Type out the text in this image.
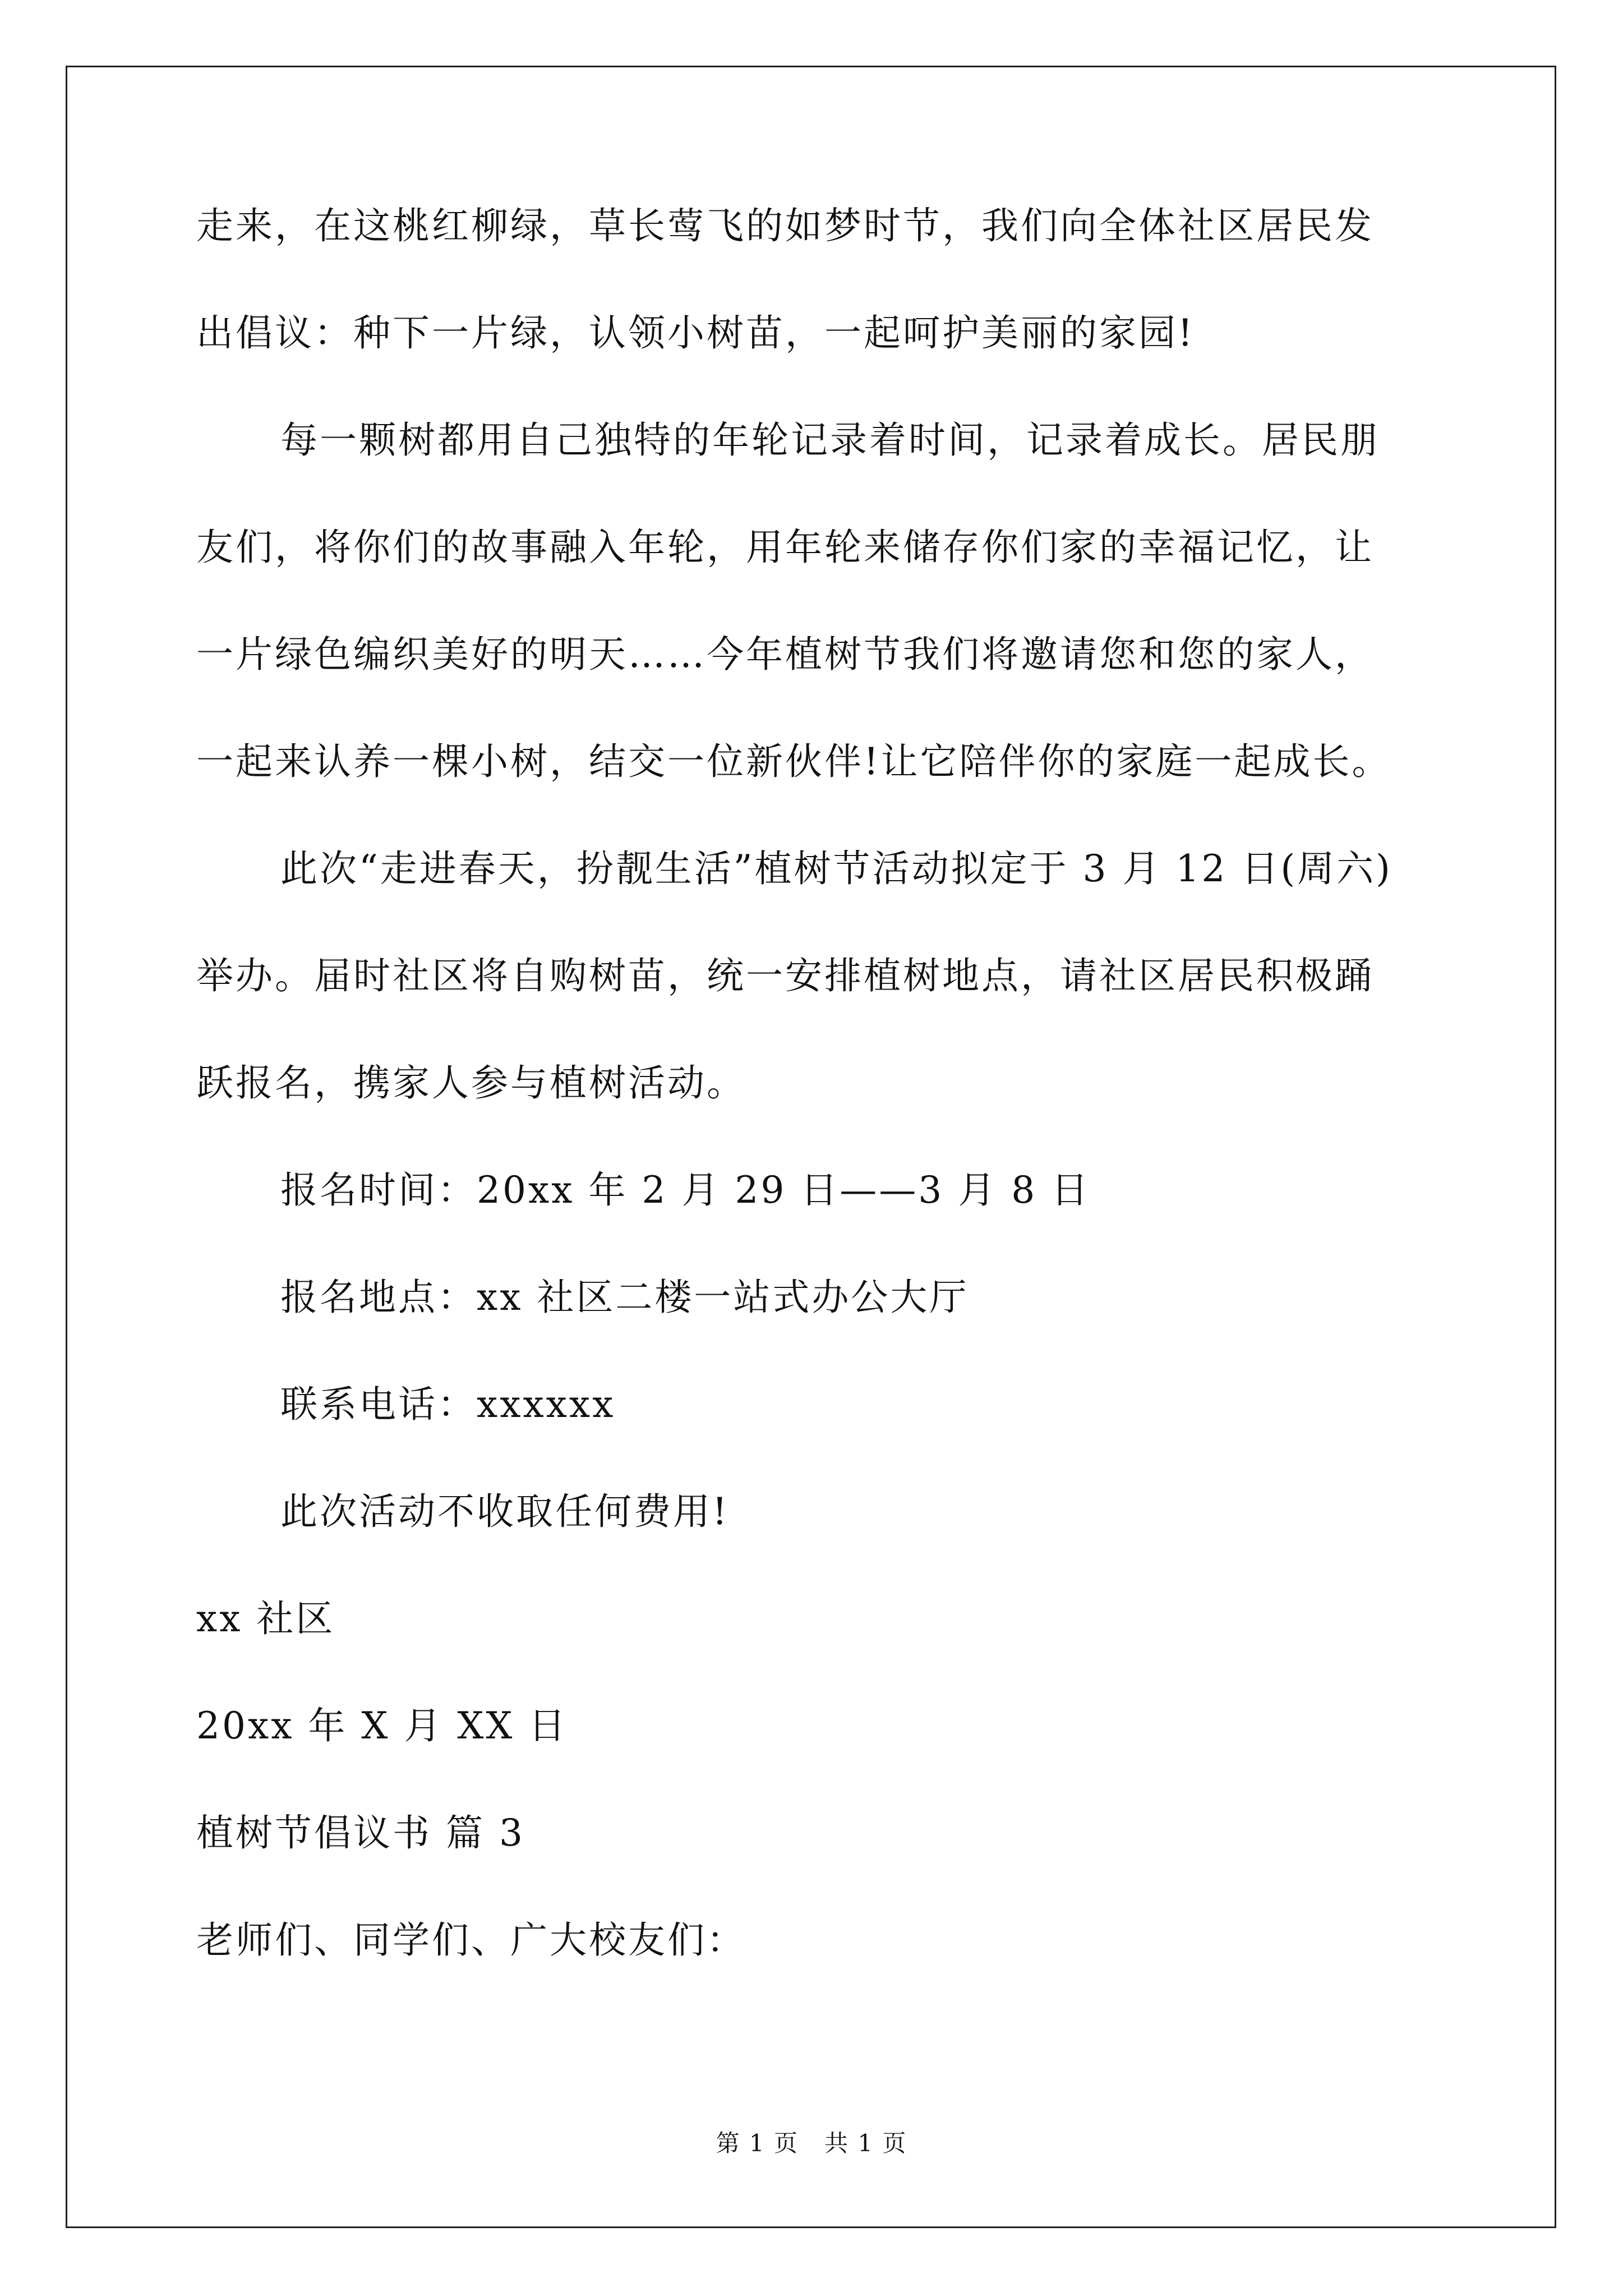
走来，在这桃红柳绿，草长莺飞的如梦时节，我们向全体社区居民发
出倡议：种下一片绿，认领小树苗，一起呵护美丽的家园!
每一颗树都用自己独特的年轮记录着时间，记录着成长。居民朋
友们，将你们的故事融入年轮，用年轮来储存你们家的幸福记忆，让
一片绿色编织美好的明天……今年植树节我们将邀请您和您的家人，
一起来认养一棵小树，结交一位新伙伴!让它陪伴你的家庭一起成长。
此次“走进春天，扮靓生活”植树节活动拟定于 3 月 12 日(周六)
举办。届时社区将自购树苗，统一安排植树地点，请社区居民积极踊
跃报名，携家人参与植树活动。
报名时间：20xx 年 2 月 29 日——3 月 8 日
报名地点：xx 社区二楼一站式办公大厅
联系电话：xxxxxx
此次活动不收取任何费用!
xx 社区
20xx 年 X 月 XX 日
植树节倡议书 篇 3
老师们、同学们、广大校友们：
第 1 页 共 1 页
